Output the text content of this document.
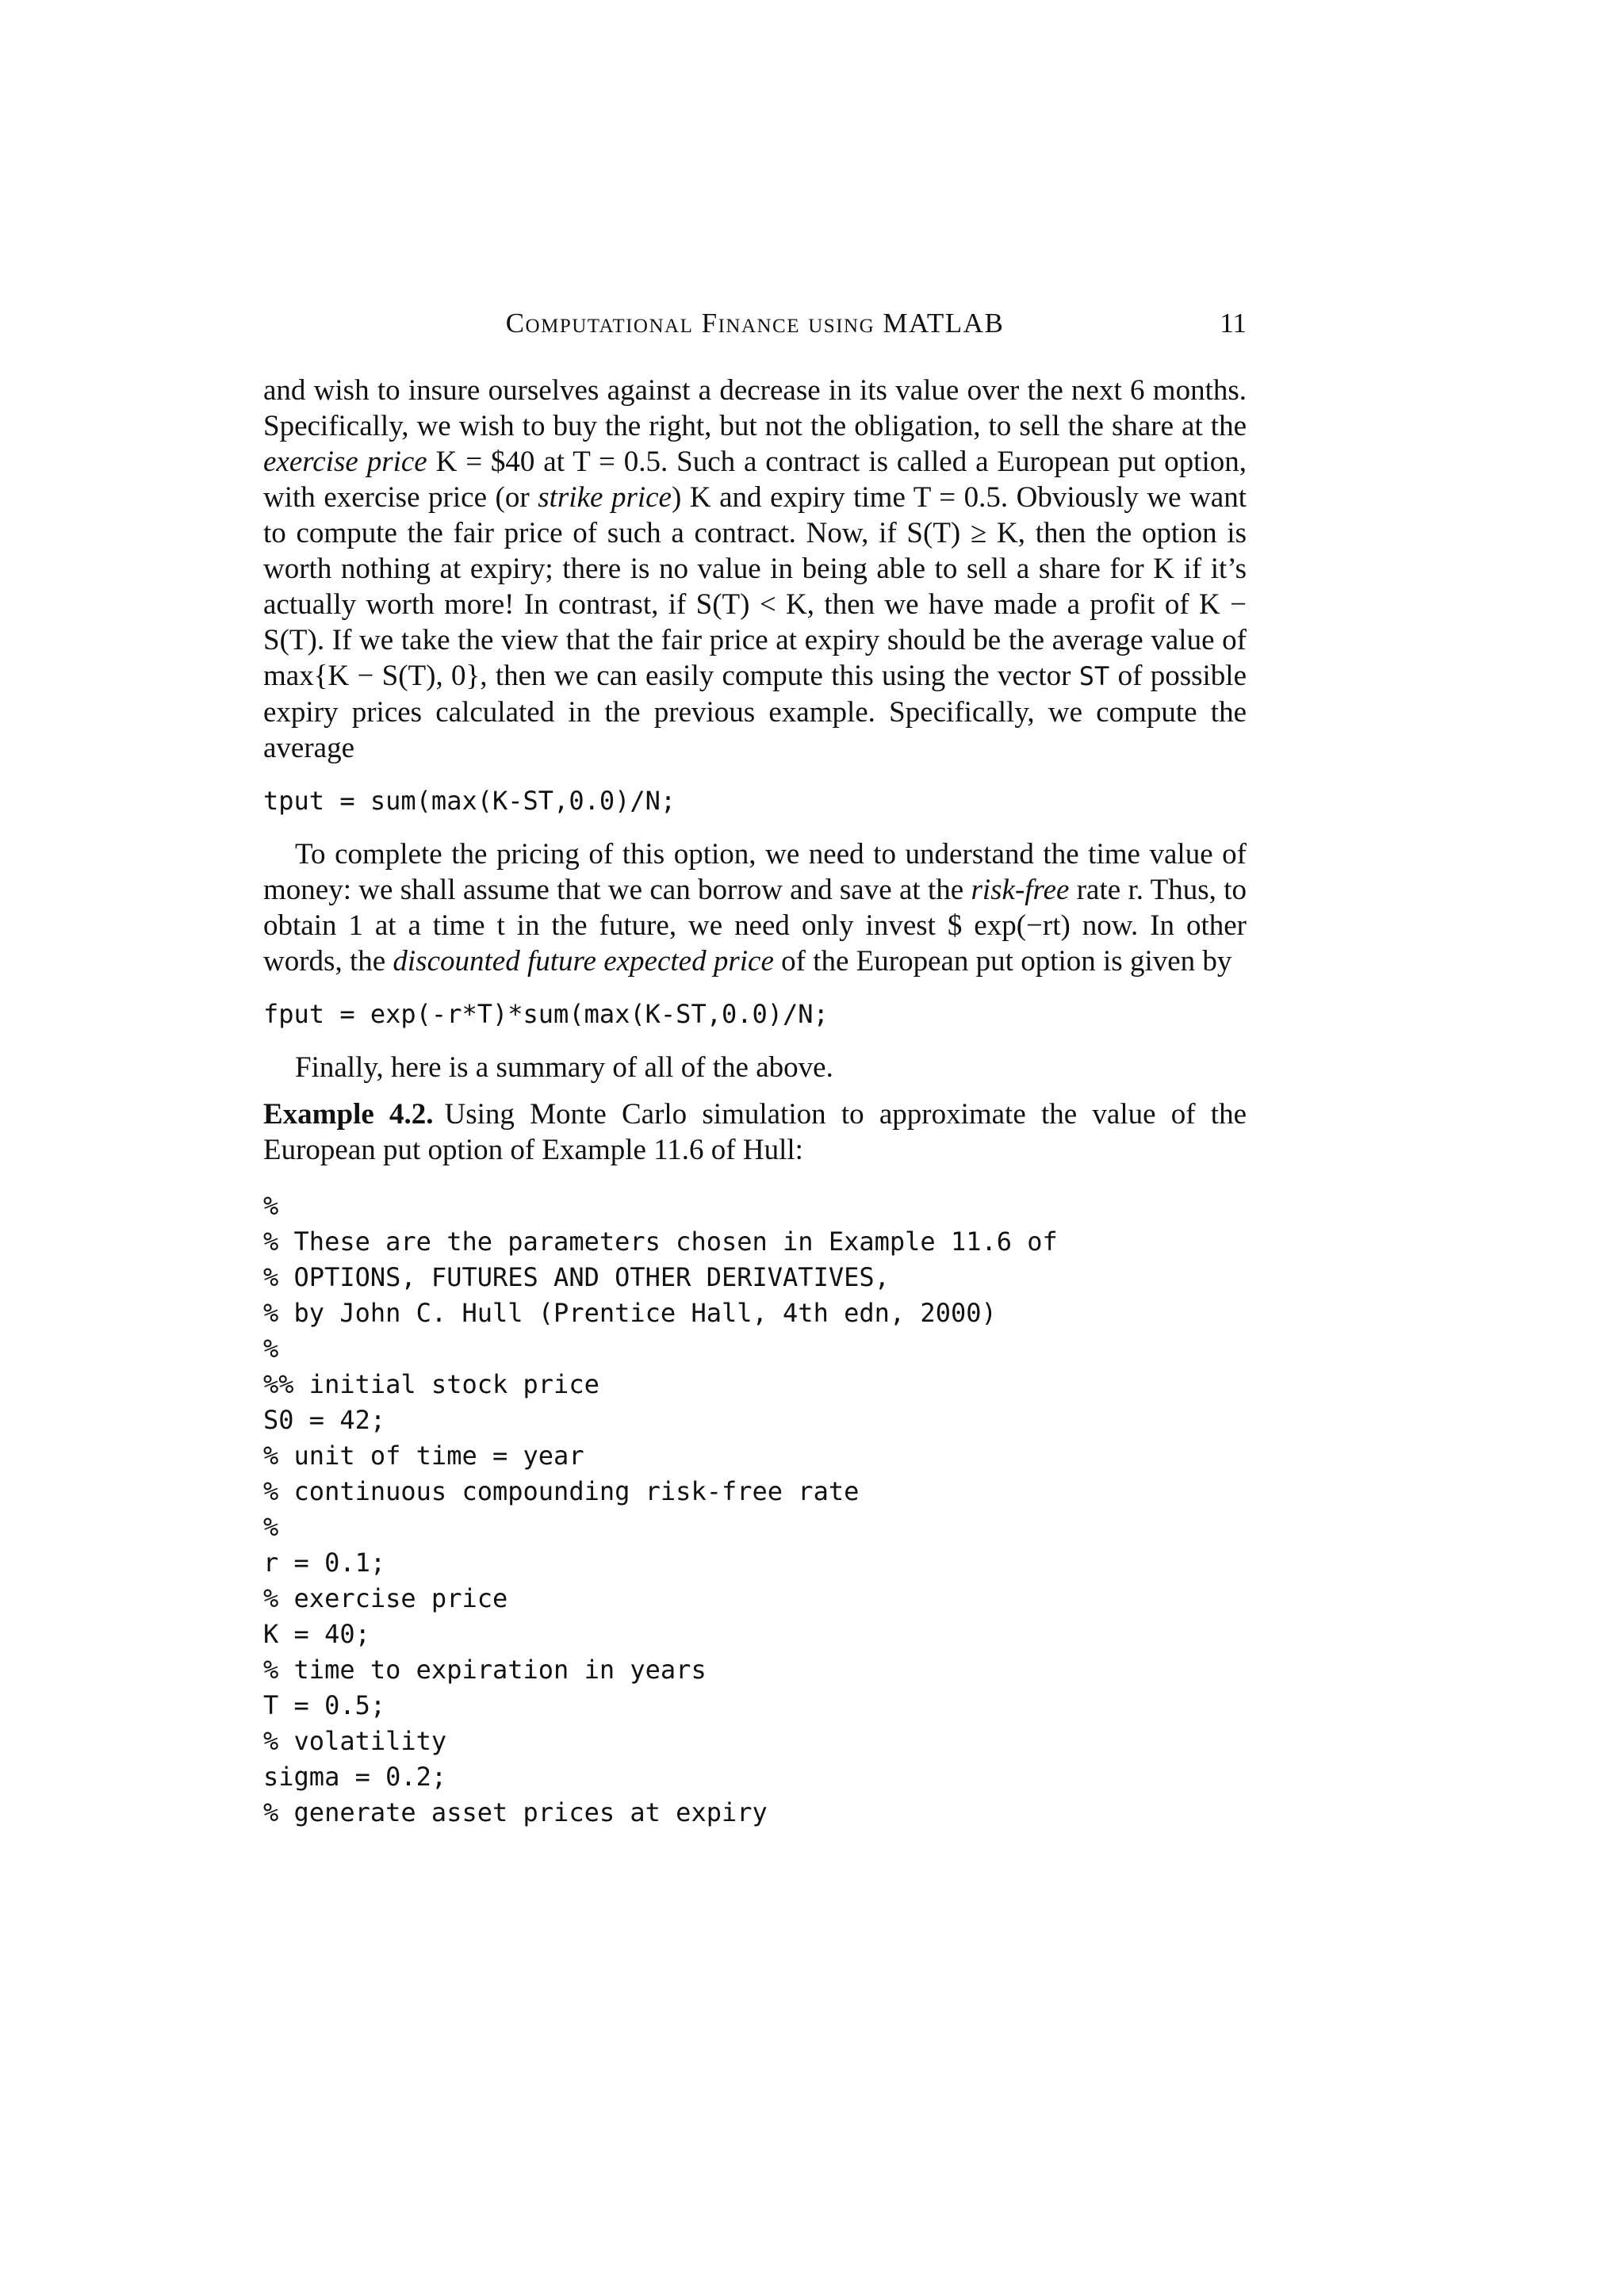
Computational Finance using MATLAB	11

and wish to insure ourselves against a decrease in its value over the next 6 months. Specifically, we wish to buy the right, but not the obligation, to sell the share at the exercise price K = $40 at T = 0.5. Such a contract is called a European put option, with exercise price (or strike price) K and expiry time T = 0.5. Obviously we want to compute the fair price of such a contract. Now, if S(T) ≥ K, then the option is worth nothing at expiry; there is no value in being able to sell a share for K if it’s actually worth more! In contrast, if S(T) < K, then we have made a profit of K − S(T). If we take the view that the fair price at expiry should be the average value of max{K − S(T), 0}, then we can easily compute this using the vector ST of possible expiry prices calculated in the previous example. Specifically, we compute the average

tput = sum(max(K-ST,0.0)/N;

To complete the pricing of this option, we need to understand the time value of money: we shall assume that we can borrow and save at the risk-free rate r. Thus, to obtain 1 at a time t in the future, we need only invest $ exp(−rt) now. In other words, the discounted future expected price of the European put option is given by

fput = exp(-r*T)*sum(max(K-ST,0.0)/N;

Finally, here is a summary of all of the above.

Example 4.2. Using Monte Carlo simulation to approximate the value of the European put option of Example 11.6 of Hull:

%
% These are the parameters chosen in Example 11.6 of
% OPTIONS, FUTURES AND OTHER DERIVATIVES,
% by John C. Hull (Prentice Hall, 4th edn, 2000)
%
%% initial stock price
S0 = 42;
% unit of time = year
% continuous compounding risk-free rate
%
r = 0.1;
% exercise price
K = 40;
% time to expiration in years
T = 0.5;
% volatility
sigma = 0.2;
% generate asset prices at expiry
